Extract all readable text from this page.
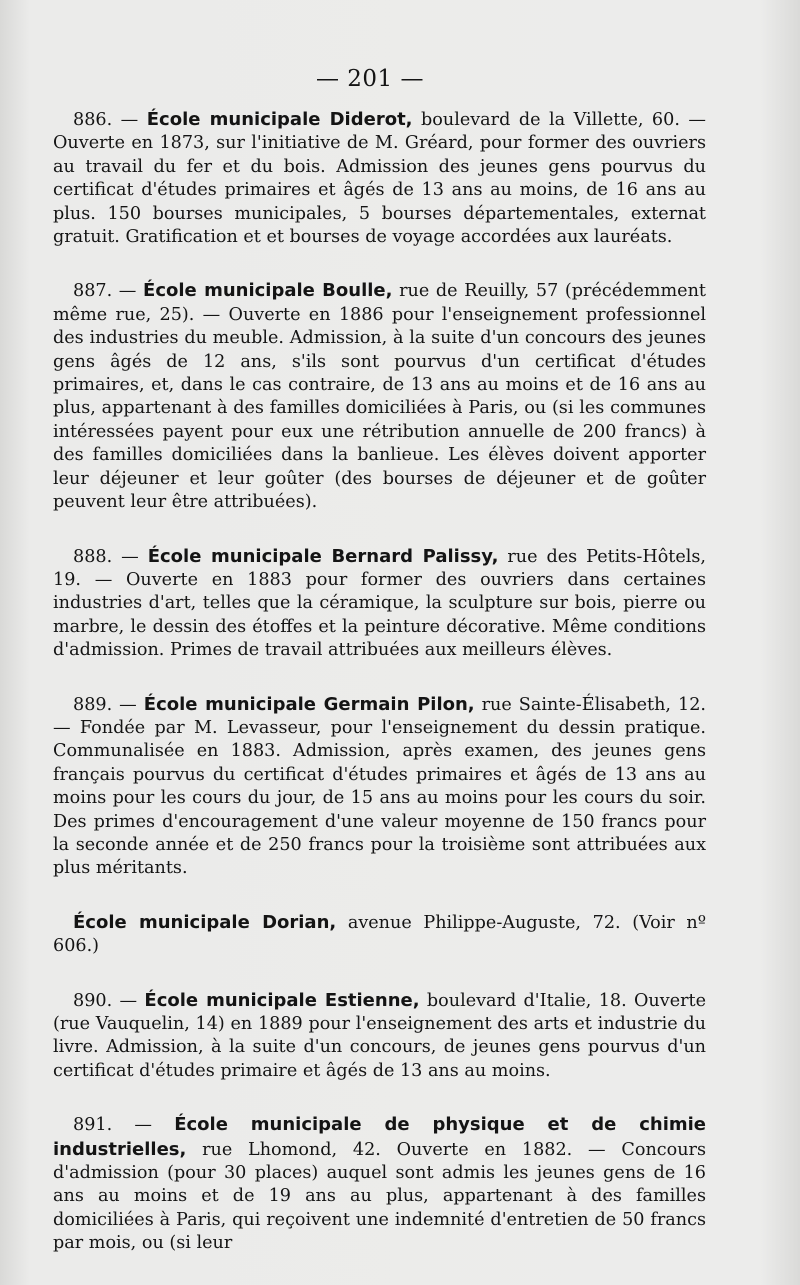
— 201 —

886. — École municipale Diderot, boulevard de la Villette, 60. — Ouverte en 1873, sur l'initiative de M. Gréard, pour former des ouvriers au travail du fer et du bois. Admission des jeunes gens pourvus du certificat d'études primaires et âgés de 13 ans au moins, de 16 ans au plus. 150 bourses municipales, 5 bourses départementales, externat gratuit. Gratification et et bourses de voyage accordées aux lauréats.

887. — École municipale Boulle, rue de Reuilly, 57 (précédemment même rue, 25). — Ouverte en 1886 pour l'enseignement professionnel des industries du meuble. Admission, à la suite d'un concours des jeunes gens âgés de 12 ans, s'ils sont pourvus d'un certificat d'études primaires, et, dans le cas contraire, de 13 ans au moins et de 16 ans au plus, appartenant à des familles domiciliées à Paris, ou (si les communes intéressées payent pour eux une rétribution annuelle de 200 francs) à des familles domiciliées dans la banlieue. Les élèves doivent apporter leur déjeuner et leur goûter (des bourses de déjeuner et de goûter peuvent leur être attribuées).

888. — École municipale Bernard Palissy, rue des Petits-Hôtels, 19. — Ouverte en 1883 pour former des ouvriers dans certaines industries d'art, telles que la céramique, la sculpture sur bois, pierre ou marbre, le dessin des étoffes et la peinture décorative. Même conditions d'admission. Primes de travail attribuées aux meilleurs élèves.

889. — École municipale Germain Pilon, rue Sainte-Élisabeth, 12. — Fondée par M. Levasseur, pour l'enseignement du dessin pratique. Communalisée en 1883. Admission, après examen, des jeunes gens français pourvus du certificat d'études primaires et âgés de 13 ans au moins pour les cours du jour, de 15 ans au moins pour les cours du soir. Des primes d'encouragement d'une valeur moyenne de 150 francs pour la seconde année et de 250 francs pour la troisième sont attribuées aux plus méritants.

École municipale Dorian, avenue Philippe-Auguste, 72. (Voir nº 606.)

890. — École municipale Estienne, boulevard d'Italie, 18. Ouverte (rue Vauquelin, 14) en 1889 pour l'enseignement des arts et industrie du livre. Admission, à la suite d'un concours, de jeunes gens pourvus d'un certificat d'études primaire et âgés de 13 ans au moins.

891. — École municipale de physique et de chimie industrielles, rue Lhomond, 42. Ouverte en 1882. — Concours d'admission (pour 30 places) auquel sont admis les jeunes gens de 16 ans au moins et de 19 ans au plus, appartenant à des familles domiciliées à Paris, qui reçoivent une indemnité d'entretien de 50 francs par mois, ou (si leur
